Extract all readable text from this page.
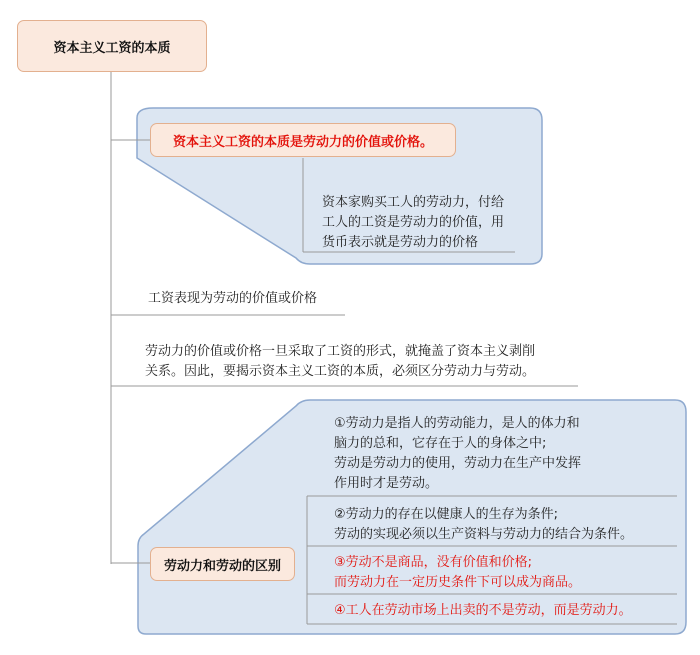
资本主义工资的本质
资本主义工资的本质是劳动力的价值或价格。
资本家购买工人的劳动力，付给
工人的工资是劳动力的价值，用
货币表示就是劳动力的价格
工资表现为劳动的价值或价格
劳动力的价值或价格一旦采取了工资的形式，就掩盖了资本主义剥削
关系。因此，要揭示资本主义工资的本质，必须区分劳动力与劳动。
劳动力和劳动的区别
①劳动力是指人的劳动能力，是人的体力和
脑力的总和，它存在于人的身体之中;
劳动是劳动力的使用，劳动力在生产中发挥
作用时才是劳动。
②劳动力的存在以健康人的生存为条件;
劳动的实现必须以生产资料与劳动力的结合为条件。
③劳动不是商品，没有价值和价格;
而劳动力在一定历史条件下可以成为商品。
④工人在劳动市场上出卖的不是劳动，而是劳动力。
